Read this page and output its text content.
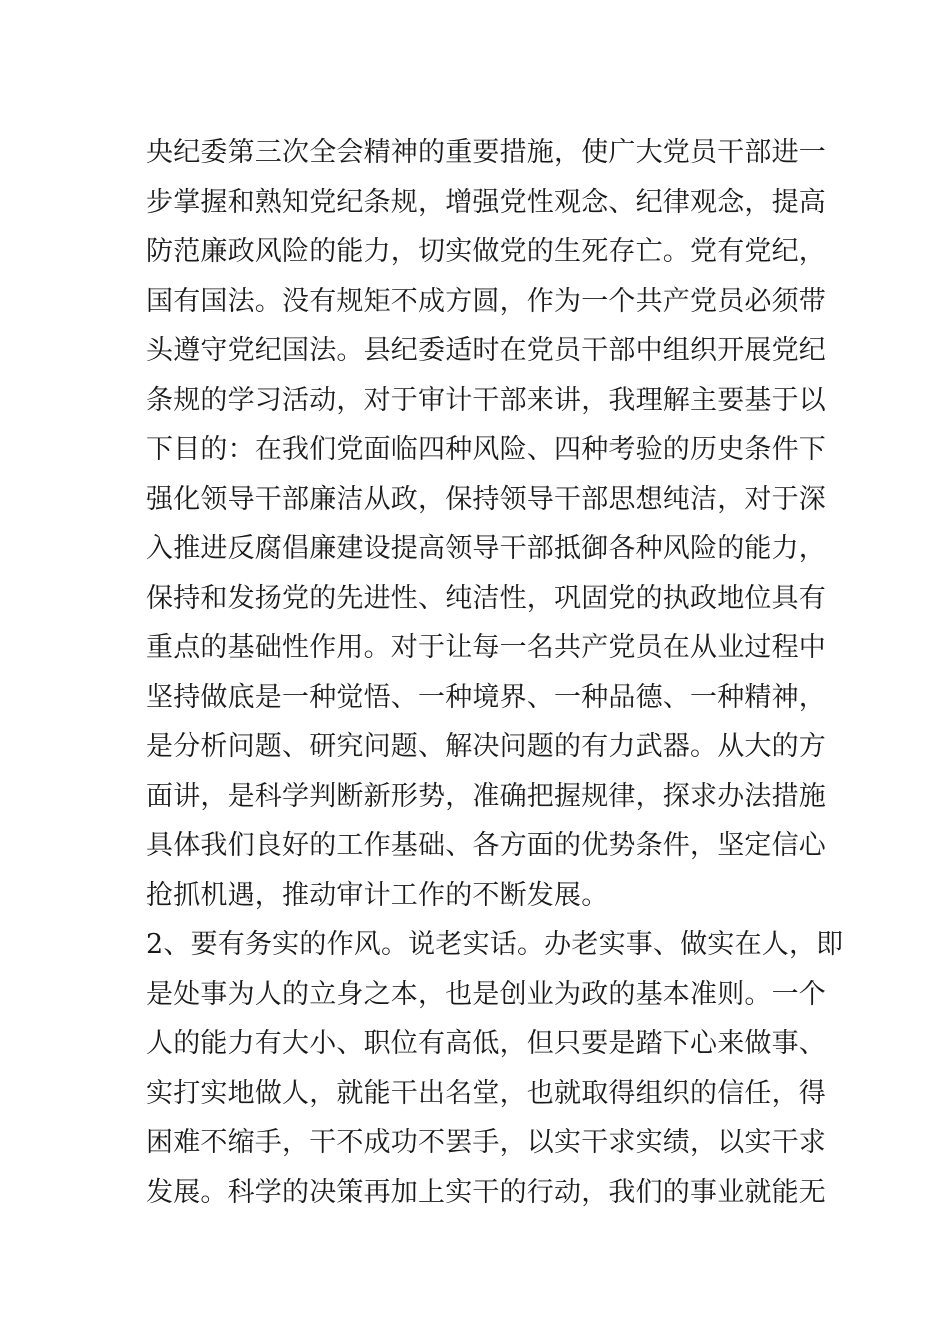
央纪委第三次全会精神的重要措施，使广大党员干部进一
步掌握和熟知党纪条规，增强党性观念、纪律观念，提高
防范廉政风险的能力，切实做党的生死存亡。党有党纪，
国有国法。没有规矩不成方圆，作为一个共产党员必须带
头遵守党纪国法。县纪委适时在党员干部中组织开展党纪
条规的学习活动，对于审计干部来讲，我理解主要基于以
下目的：在我们党面临四种风险、四种考验的历史条件下
强化领导干部廉洁从政，保持领导干部思想纯洁，对于深
入推进反腐倡廉建设提高领导干部抵御各种风险的能力，
保持和发扬党的先进性、纯洁性，巩固党的执政地位具有
重点的基础性作用。对于让每一名共产党员在从业过程中
坚持做底是一种觉悟、一种境界、一种品德、一种精神，
是分析问题、研究问题、解决问题的有力武器。从大的方
面讲，是科学判断新形势，准确把握规律，探求办法措施
具体我们良好的工作基础、各方面的优势条件，坚定信心
抢抓机遇，推动审计工作的不断发展。
2、要有务实的作风。说老实话。办老实事、做实在人，即
是处事为人的立身之本，也是创业为政的基本准则。一个
人的能力有大小、职位有高低，但只要是踏下心来做事、
实打实地做人，就能干出名堂，也就取得组织的信任，得
困难不缩手，干不成功不罢手，以实干求实绩，以实干求
发展。科学的决策再加上实干的行动，我们的事业就能无
